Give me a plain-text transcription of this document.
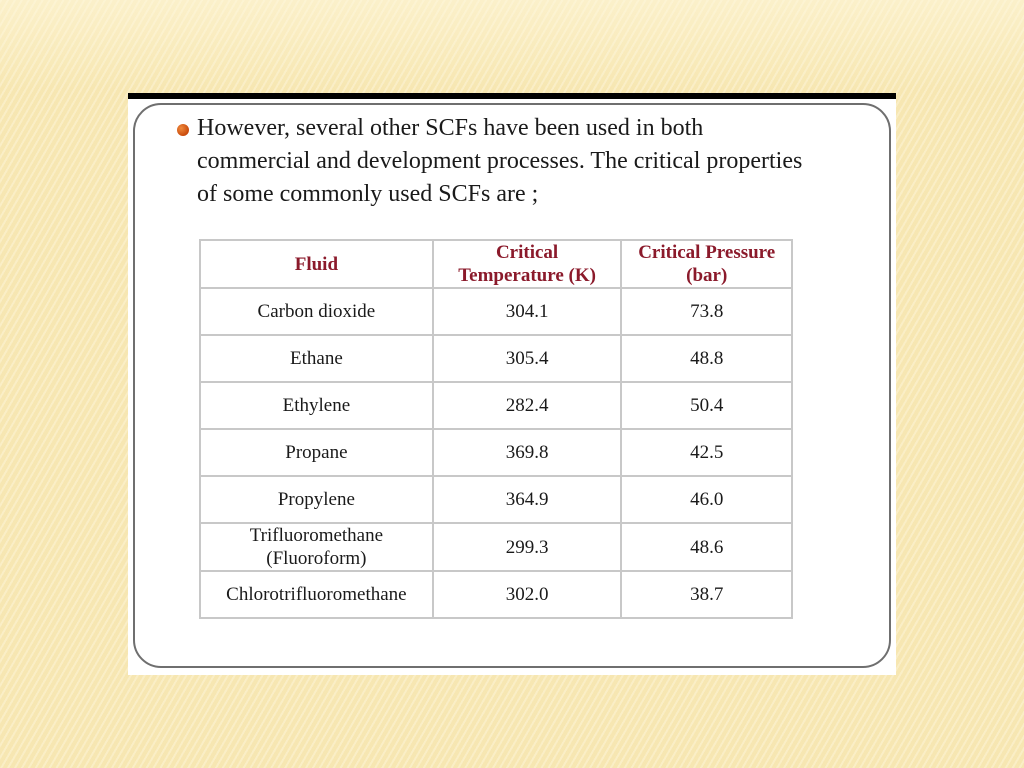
However, several other SCFs have been used in both commercial and development processes. The critical properties of some commonly used SCFs are ;

Fluid	Critical Temperature (K)	Critical Pressure (bar)
Carbon dioxide	304.1	73.8
Ethane	305.4	48.8
Ethylene	282.4	50.4
Propane	369.8	42.5
Propylene	364.9	46.0
Trifluoromethane (Fluoroform)	299.3	48.6
Chlorotrifluoromethane	302.0	38.7
